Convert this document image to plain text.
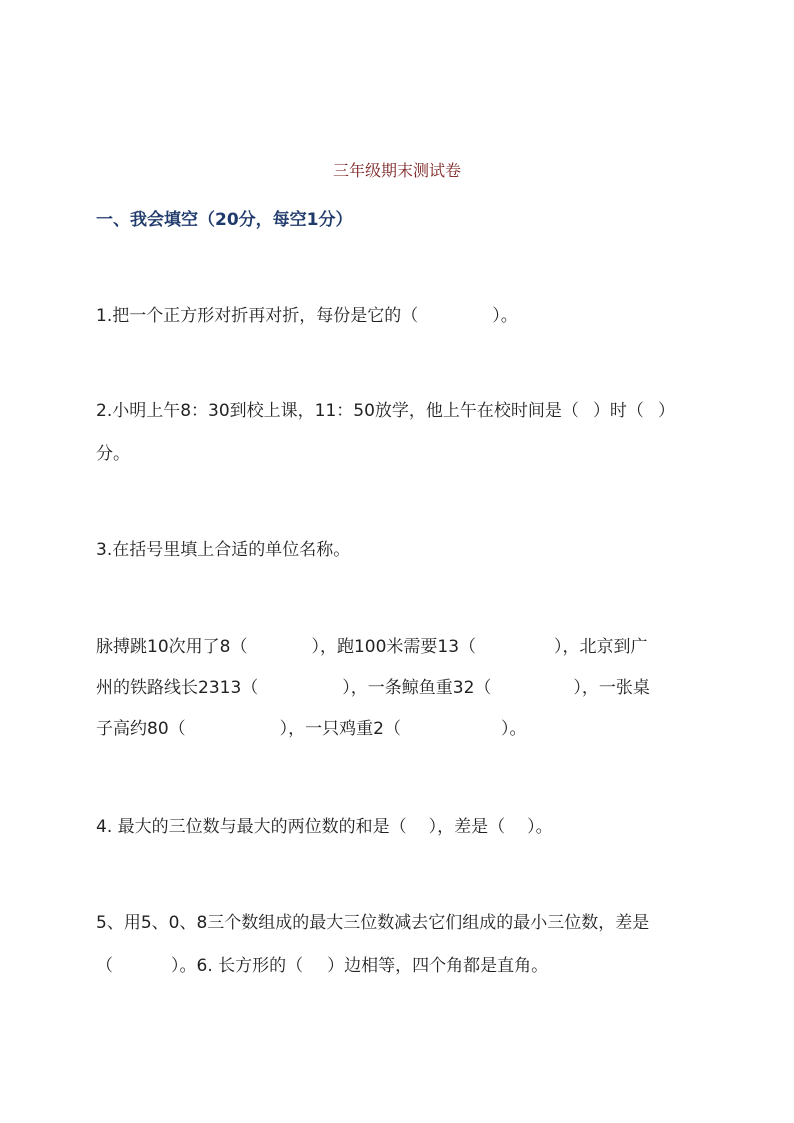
三年级期末测试卷
一、我会填空（20分，每空1分）
1.把一个正方形对折再对折，每份是它的（	）。
2.小明上午8：30到校上课，11：50放学，他上午在校时间是（ ）时（ ）
分。
3.在括号里填上合适的单位名称。
脉搏跳10次用了8（	），跑100米需要13（	），北京到广
州的铁路线长2313（	），一条鲸鱼重32（	），一张桌
子高约80（	），一只鸡重2（	）。
4. 最大的三位数与最大的两位数的和是（ ），差是（ ）。
5、用5、0、8三个数组成的最大三位数减去它们组成的最小三位数，差是
（	）。6. 长方形的（ ）边相等，四个角都是直角。
